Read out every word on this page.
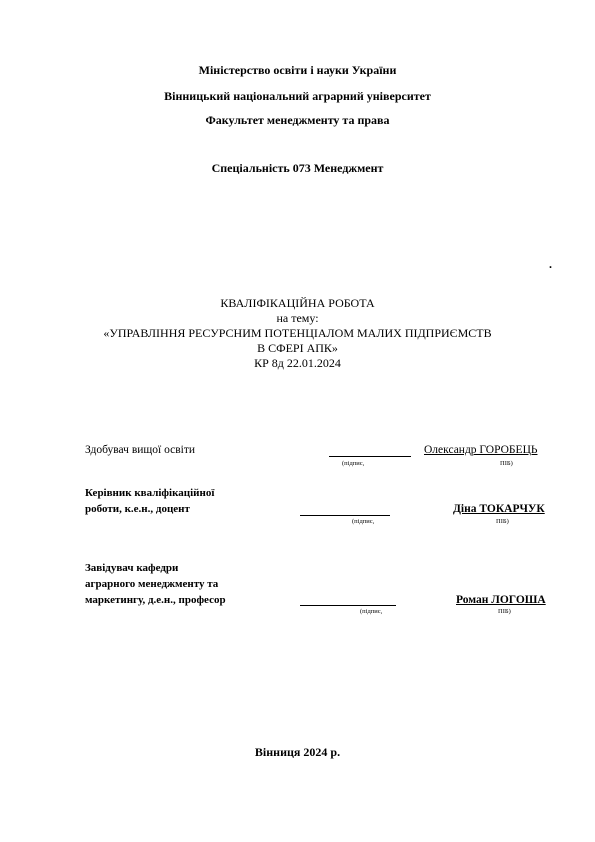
Міністерство освіти і науки України
Вінницький національний аграрний університет
Факультет менеджменту та права
Спеціальність 073 Менеджмент
.
КВАЛІФІКАЦІЙНА РОБОТА
на тему:
«УПРАВЛІННЯ РЕСУРСНИМ ПОТЕНЦІАЛОМ МАЛИХ ПІДПРИЄМСТВ
В СФЕРІ АПК»
КР 8д 22.01.2024
Здобувач вищої освіти	Олександр ГОРОБЕЦЬ
(підпис,	ПІБ)
Керівник кваліфікаційної
роботи, к.е.н., доцент	Діна ТОКАРЧУК
(підпис,	ПІБ)
Завідувач кафедри
аграрного менеджменту та
маркетингу, д.е.н., професор	Роман ЛОГОША
(підпис,	ПІБ)
Вінниця 2024 р.
